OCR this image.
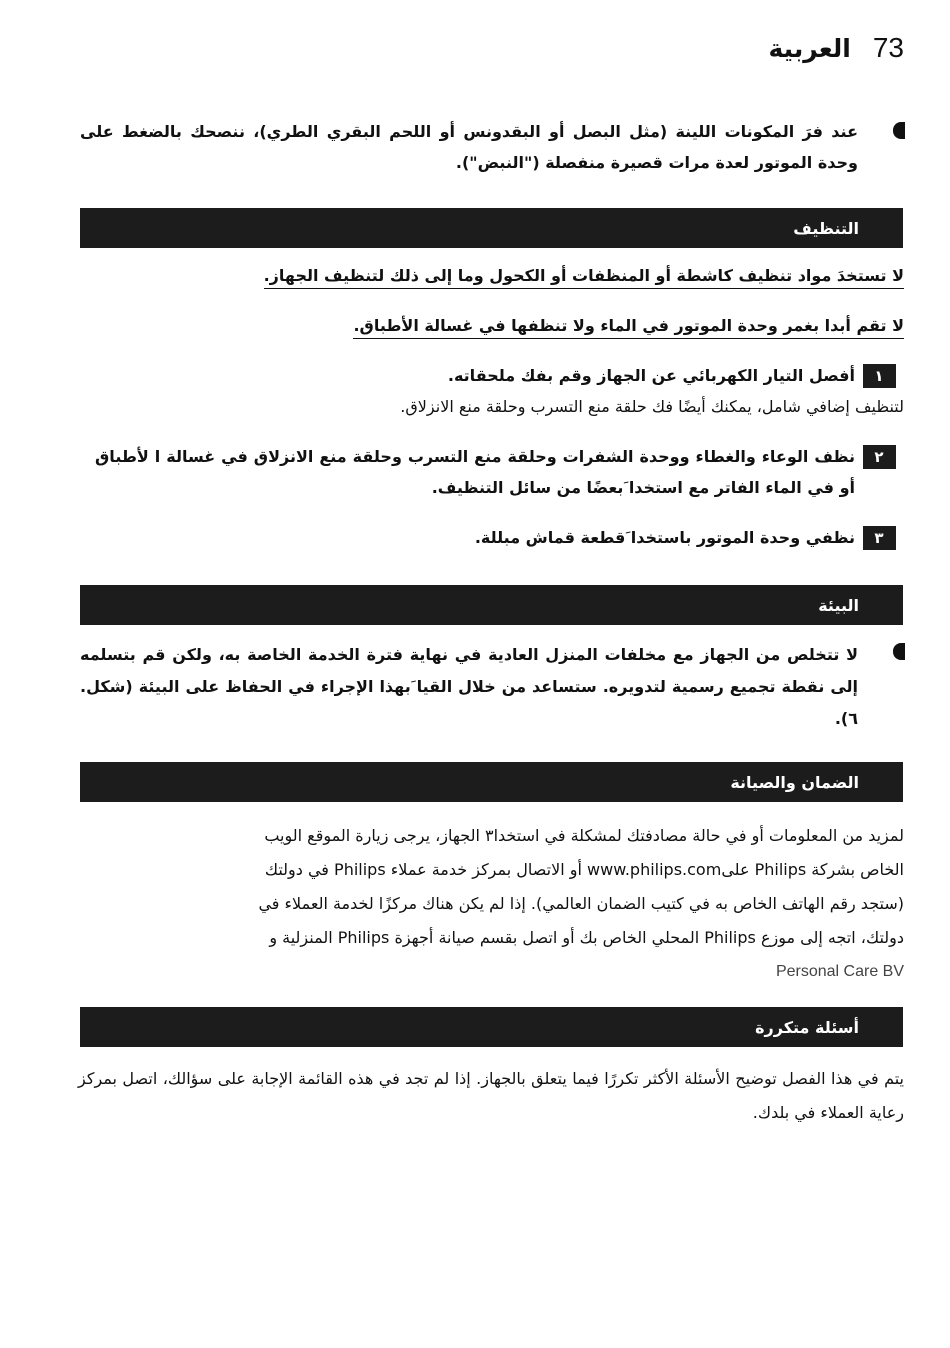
73
العربية
عند فرَ المكونات اللينة (مثل البصل أو البقدونس أو اللحم البقري الطري)، ننصحك بالضغط على وحدة الموتور لعدة مرات قصيرة منفصلة ("النبض").
التنظيف
لا تستخدَ مواد تنظيف كاشطة أو المنظفات أو الكحول وما إلى ذلك لتنظيف الجهاز.
لا تقم أبدا بغمر وحدة الموتور في الماء ولا تنظفها في غسالة الأطباق.
١
أفصل التيار الكهربائي عن الجهاز وقم بفك ملحقاته.
لتنظيف إضافي شامل، يمكنك أيضًا فك حلقة منع التسرب وحلقة منع الانزلاق.
٢
نظف الوعاء والغطاء ووحدة الشفرات وحلقة منع التسرب وحلقة منع الانزلاق في غسالة ا لأطباق أو في الماء الفاتر مع استخدا َبعضًا من سائل التنظيف.
٣
نظفي وحدة الموتور باستخدا َقطعة قماش مبللة.
البيئة
لا تتخلص من الجهاز مع مخلفات المنزل العادية في نهاية فترة الخدمة الخاصة به، ولكن قم بتسلمه إلى نقطة تجميع رسمية لتدويره. ستساعد من خلال القيا َبهذا الإجراء في الحفاظ على البيئة (شكل. ٦).
الضمان والصيانة
لمزيد من المعلومات أو في حالة مصادفتك لمشكلة في استخدا٣ الجهاز، يرجى زيارة الموقع الويب
الخاص بشركة Philips علىwww.philips.com أو الاتصال بمركز خدمة عملاء Philips في دولتك
(ستجد رقم الهاتف الخاص به في كتيب الضمان العالمي). إذا لم يكن هناك مركزًا لخدمة العملاء في
دولتك، اتجه إلى موزع Philips المحلي الخاص بك أو اتصل بقسم صيانة أجهزة Philips المنزلية و
Personal Care BV
أسئلة متكررة
يتم في هذا الفصل توضيح الأسئلة الأكثر تكررًا فيما يتعلق بالجهاز. إذا لم تجد في هذه القائمة الإجابة على سؤالك، اتصل بمركز رعاية العملاء في بلدك.
